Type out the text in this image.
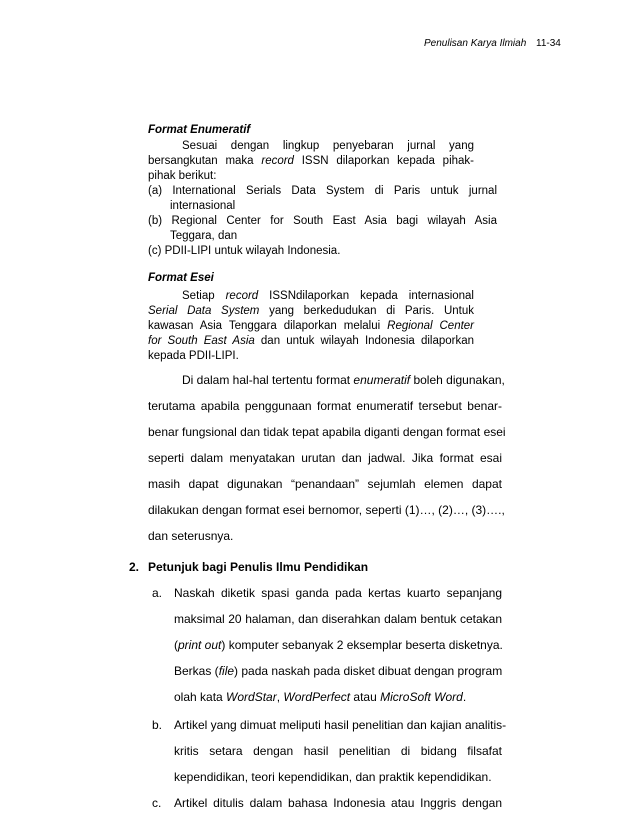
Penulisan Karya Ilmiah 11-34
Format Enumeratif
Sesuai dengan lingkup penyebaran jurnal yang
bersangkutan maka record ISSN dilaporkan kepada pihak-
pihak berikut:
(a) International Serials Data System di Paris untuk jurnal
internasional
(b) Regional Center for South East Asia bagi wilayah Asia
Teggara, dan
(c) PDII-LIPI untuk wilayah Indonesia.
Format Esei
Setiap record ISSNdilaporkan kepada internasional
Serial Data System yang berkedudukan di Paris. Untuk
kawasan Asia Tenggara dilaporkan melalui Regional Center
for South East Asia dan untuk wilayah Indonesia dilaporkan
kepada PDII-LIPI.
Di dalam hal-hal tertentu format enumeratif boleh digunakan,
terutama apabila penggunaan format enumeratif tersebut benar-
benar fungsional dan tidak tepat apabila diganti dengan format esei
seperti dalam menyatakan urutan dan jadwal. Jika format esai
masih dapat digunakan “penandaan” sejumlah elemen dapat
dilakukan dengan format esei bernomor, seperti (1)…, (2)…, (3)….,
dan seterusnya.
2. Petunjuk bagi Penulis Ilmu Pendidikan
a. Naskah diketik spasi ganda pada kertas kuarto sepanjang
maksimal 20 halaman, dan diserahkan dalam bentuk cetakan
(print out) komputer sebanyak 2 eksemplar beserta disketnya.
Berkas (file) pada naskah pada disket dibuat dengan program
olah kata WordStar, WordPerfect atau MicroSoft Word.
b. Artikel yang dimuat meliputi hasil penelitian dan kajian analitis-
kritis setara dengan hasil penelitian di bidang filsafat
kependidikan, teori kependidikan, dan praktik kependidikan.
c. Artikel ditulis dalam bahasa Indonesia atau Inggris dengan
